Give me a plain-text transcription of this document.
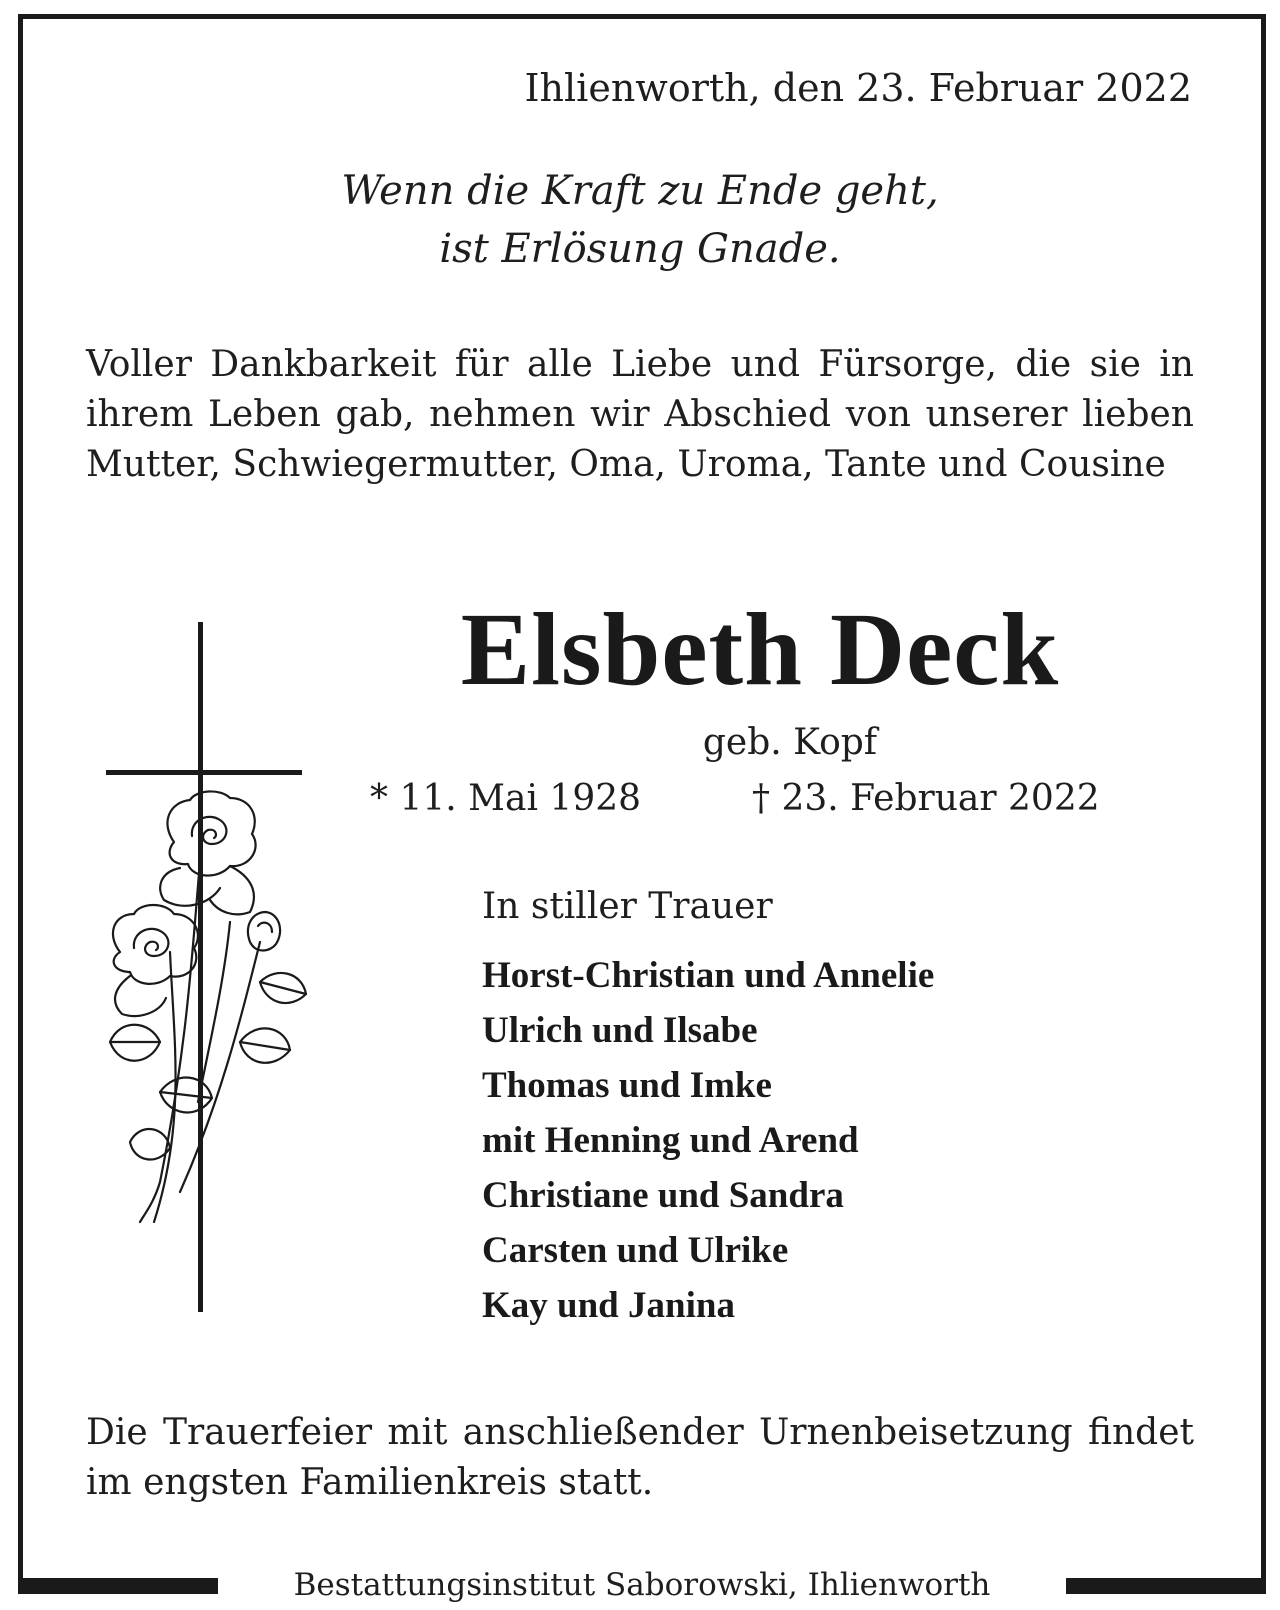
Ihlienworth, den 23. Februar 2022
Wenn die Kraft zu Ende geht,
ist Erlösung Gnade.
Voller Dankbarkeit für alle Liebe und Fürsorge, die sie in ihrem Leben gab, nehmen wir Abschied von unserer lieben Mutter, Schwiegermutter, Oma, Uroma, Tante und Cousine
Elsbeth Deck
geb. Kopf
* 11. Mai 1928	† 23. Februar 2022
In stiller Trauer
Horst-Christian und Annelie
Ulrich und Ilsabe
Thomas und Imke
mit Henning und Arend
Christiane und Sandra
Carsten und Ulrike
Kay und Janina
Die Trauerfeier mit anschließender Urnenbeisetzung findet im engsten Familienkreis statt.
Bestattungsinstitut Saborowski, Ihlienworth
